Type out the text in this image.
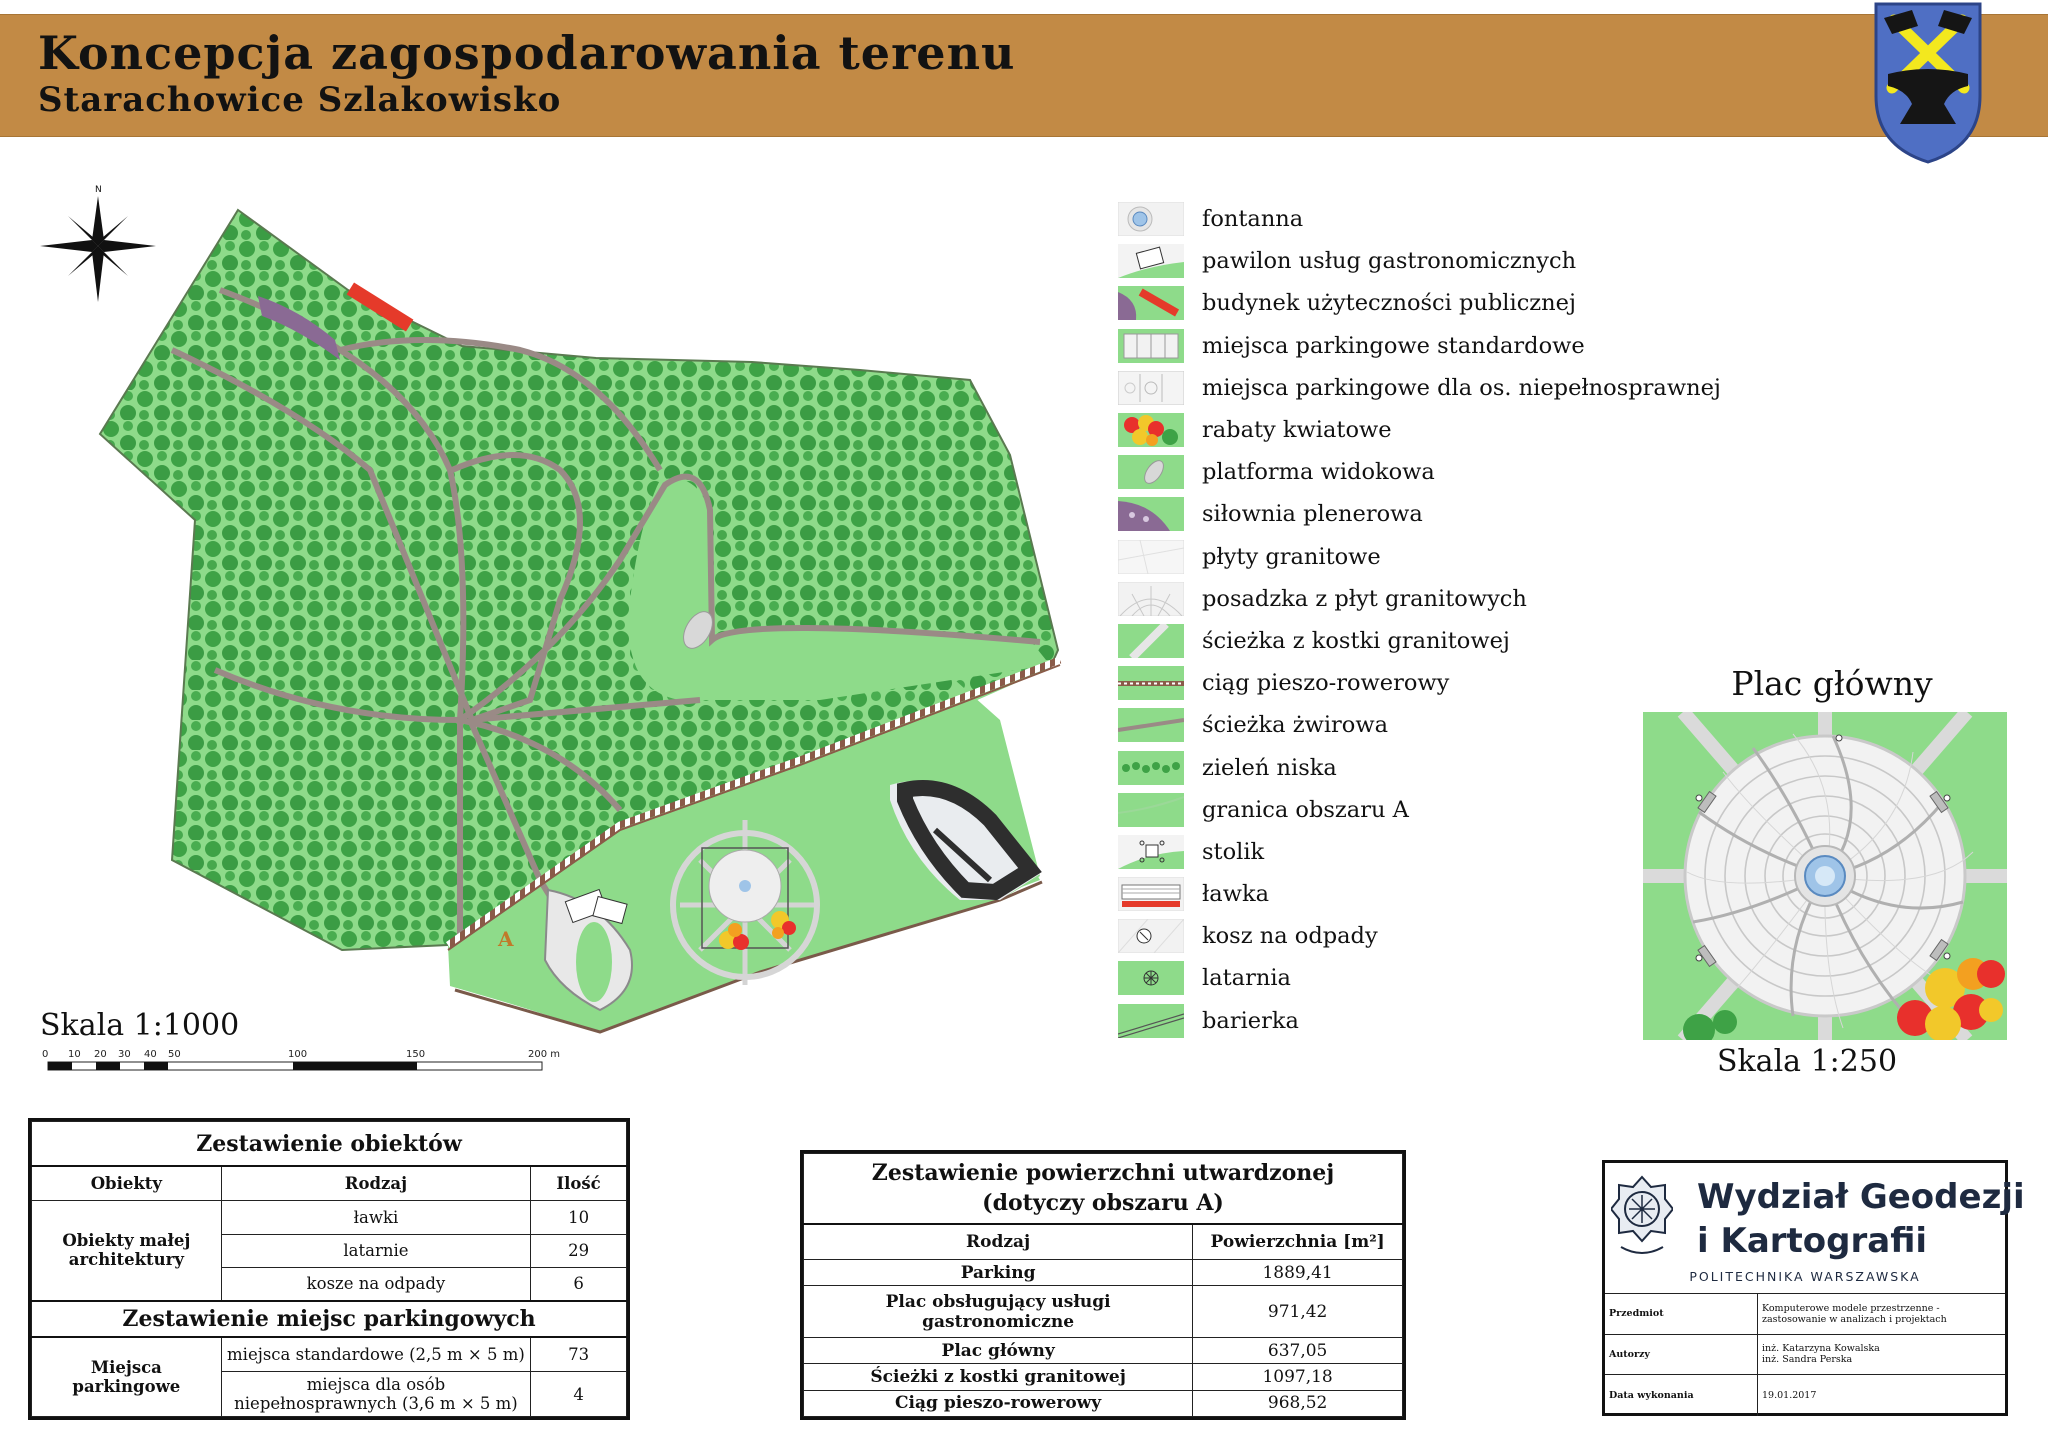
Koncepcja zagospodarowania terenu
Starachowice Szlakowisko
A
N
Skala 1:1000
0 10 20 30 40 50	100	150	200 m
fontanna
pawilon usług gastronomicznych
budynek użyteczności publicznej
miejsca parkingowe standardowe
miejsca parkingowe dla os. niepełnosprawnej
rabaty kwiatowe
platforma widokowa
siłownia plenerowa
płyty granitowe
posadzka z płyt granitowych
ścieżka z kostki granitowej
ciąg pieszo-rowerowy
ścieżka żwirowa
zieleń niska
granica obszaru A
stolik
ławka
kosz na odpady
latarnia
barierka
Plac główny
Skala 1:250
Zestawienie obiektów		
Obiekty	Rodzaj	Ilość
Obiekty małej architektury	ławki	10
	latarnie	29
	kosze na odpady	6
Zestawienie miejsc parkingowych		
Miejsca parkingowe	miejsca standardowe (2,5 m × 5 m)	73
	miejsca dla osób niepełnosprawnych (3,6 m × 5 m)	4
Zestawienie powierzchni utwardzonej
(dotyczy obszaru A)	
Rodzaj	Powierzchnia [m²]
Parking	1889,41
Plac obsługujący usługi gastronomiczne	971,42
Plac główny	637,05
Ścieżki z kostki granitowej	1097,18
Ciąg pieszo-rowerowy	968,52
Wydział Geodezji
i Kartografii
POLITECHNIKA WARSZAWSKA
Przedmiot	Komputerowe modele przestrzenne - zastosowanie w analizach i projektach
Autorzy	inż. Katarzyna Kowalska
inż. Sandra Perska
Data wykonania	19.01.2017
